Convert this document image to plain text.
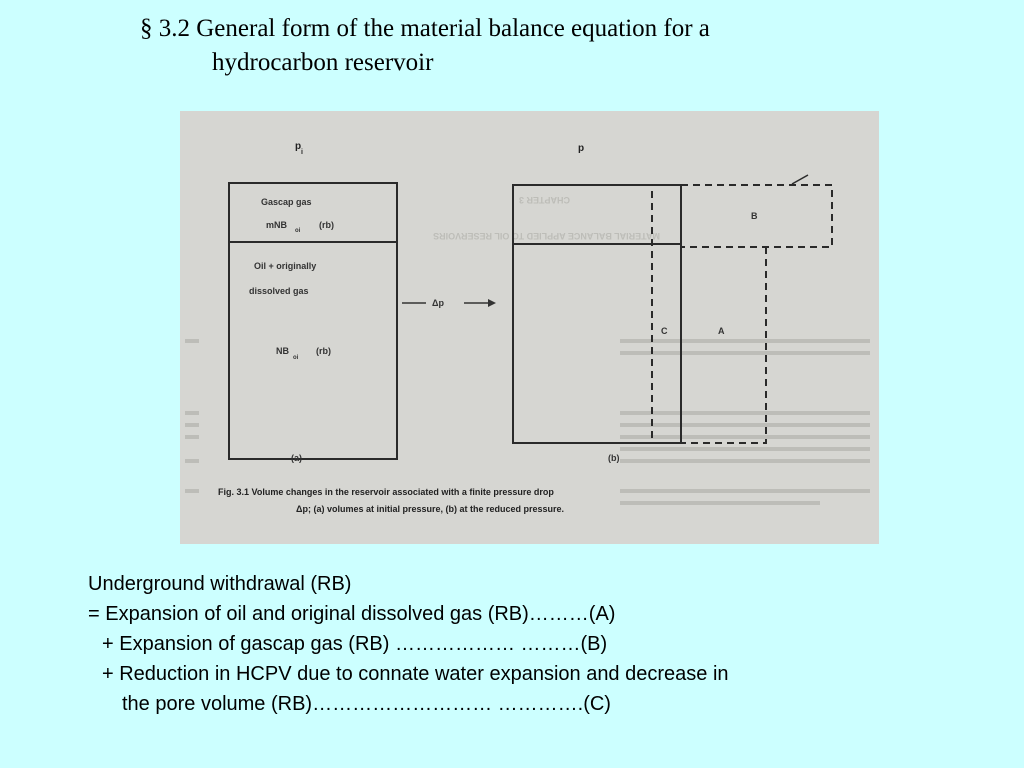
§ 3.2 General form of the material balance equation for a
hydrocarbon reservoir
CHAPTER 3
MATERIAL BALANCE APPLIED TO OIL RESERVOIRS
p
i	p
Gascap gas
mNB
oi
(rb)
Oil + originally
dissolved gas
NB
oi
(rb)
(a)
Δp
B
C	A
(b)
Fig. 3.1 Volume changes in the reservoir associated with a finite pressure drop
Δp; (a) volumes at initial pressure, (b) at the reduced pressure.
Underground withdrawal (RB)
= Expansion of oil and original dissolved gas (RB)………(A)
+ Expansion of gascap gas (RB) ……………… ………(B)
+ Reduction in HCPV due to connate water expansion and decrease in
the pore volume (RB)……………………… ………….(C)
